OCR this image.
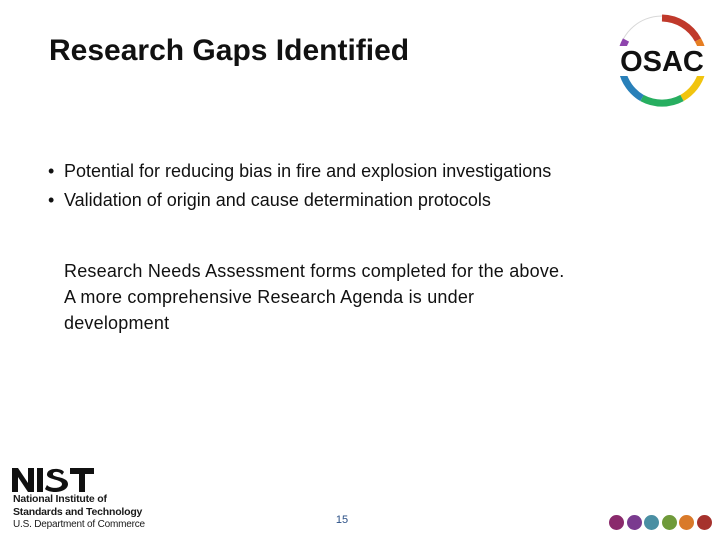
Research Gaps Identified	OSAC
• Potential for reducing bias in fire and explosion investigations
• Validation of origin and cause determination protocols
Research Needs Assessment forms completed for the above.
A more comprehensive Research Agenda is under
development
National Institute of
Standards and Technology
U.S. Department of Commerce	15
